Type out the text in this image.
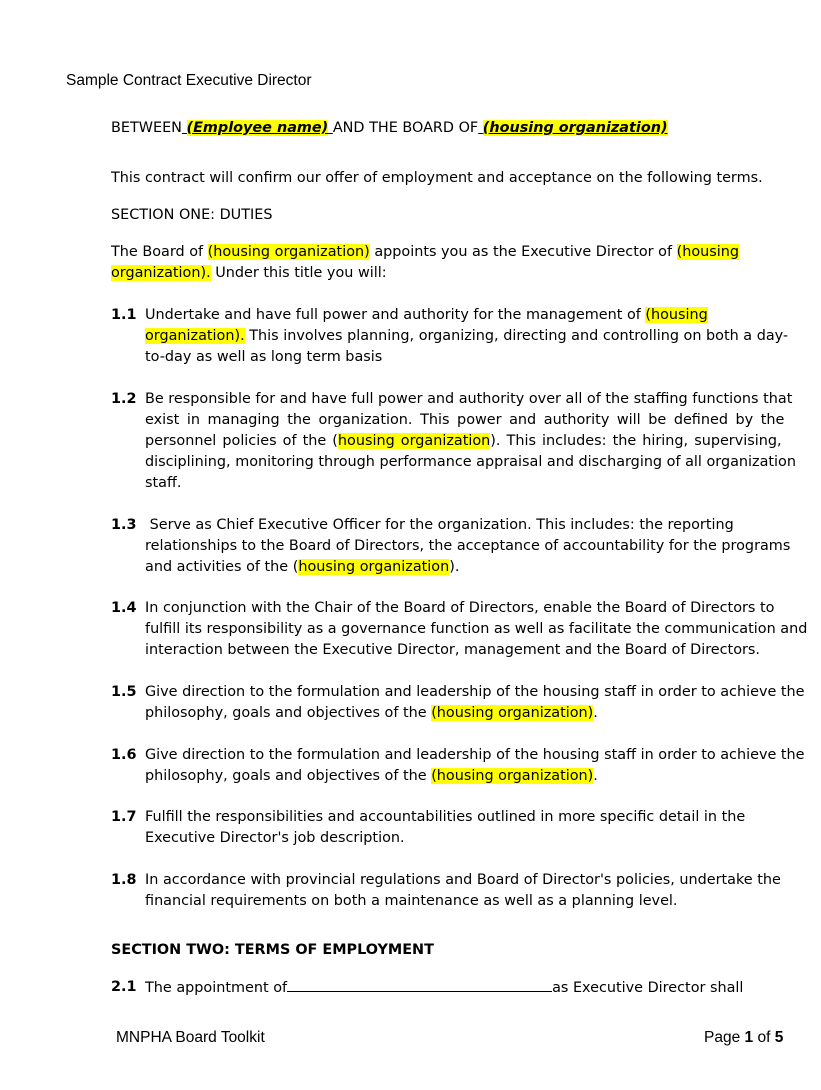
Sample Contract Executive Director
BETWEEN (Employee name) AND THE BOARD OF (housing organization)
This contract will confirm our offer of employment and acceptance on the following terms.
SECTION ONE: DUTIES
The Board of (housing organization) appoints you as the Executive Director of (housing
organization). Under this title you will:
1.1 Undertake and have full power and authority for the management of (housing
organization). This involves planning, organizing, directing and controlling on both a day-
to-day as well as long term basis
1.2 Be responsible for and have full power and authority over all of the staffing functions that
exist in managing the organization. This power and authority will be defined by the
personnel policies of the (housing organization). This includes: the hiring, supervising,
disciplining, monitoring through performance appraisal and discharging of all organization
staff.
1.3 Serve as Chief Executive Officer for the organization. This includes: the reporting
relationships to the Board of Directors, the acceptance of accountability for the programs
and activities of the (housing organization).
1.4 In conjunction with the Chair of the Board of Directors, enable the Board of Directors to
fulfill its responsibility as a governance function as well as facilitate the communication and
interaction between the Executive Director, management and the Board of Directors.
1.5 Give direction to the formulation and leadership of the housing staff in order to achieve the
philosophy, goals and objectives of the (housing organization).
1.6 Give direction to the formulation and leadership of the housing staff in order to achieve the
philosophy, goals and objectives of the (housing organization).
1.7 Fulfill the responsibilities and accountabilities outlined in more specific detail in the
Executive Director's job description.
1.8 In accordance with provincial regulations and Board of Director's policies, undertake the
financial requirements on both a maintenance as well as a planning level.
SECTION TWO: TERMS OF EMPLOYMENT
2.1 The appointment of	as Executive Director shall
MNPHA Board Toolkit	Page 1 of 5
